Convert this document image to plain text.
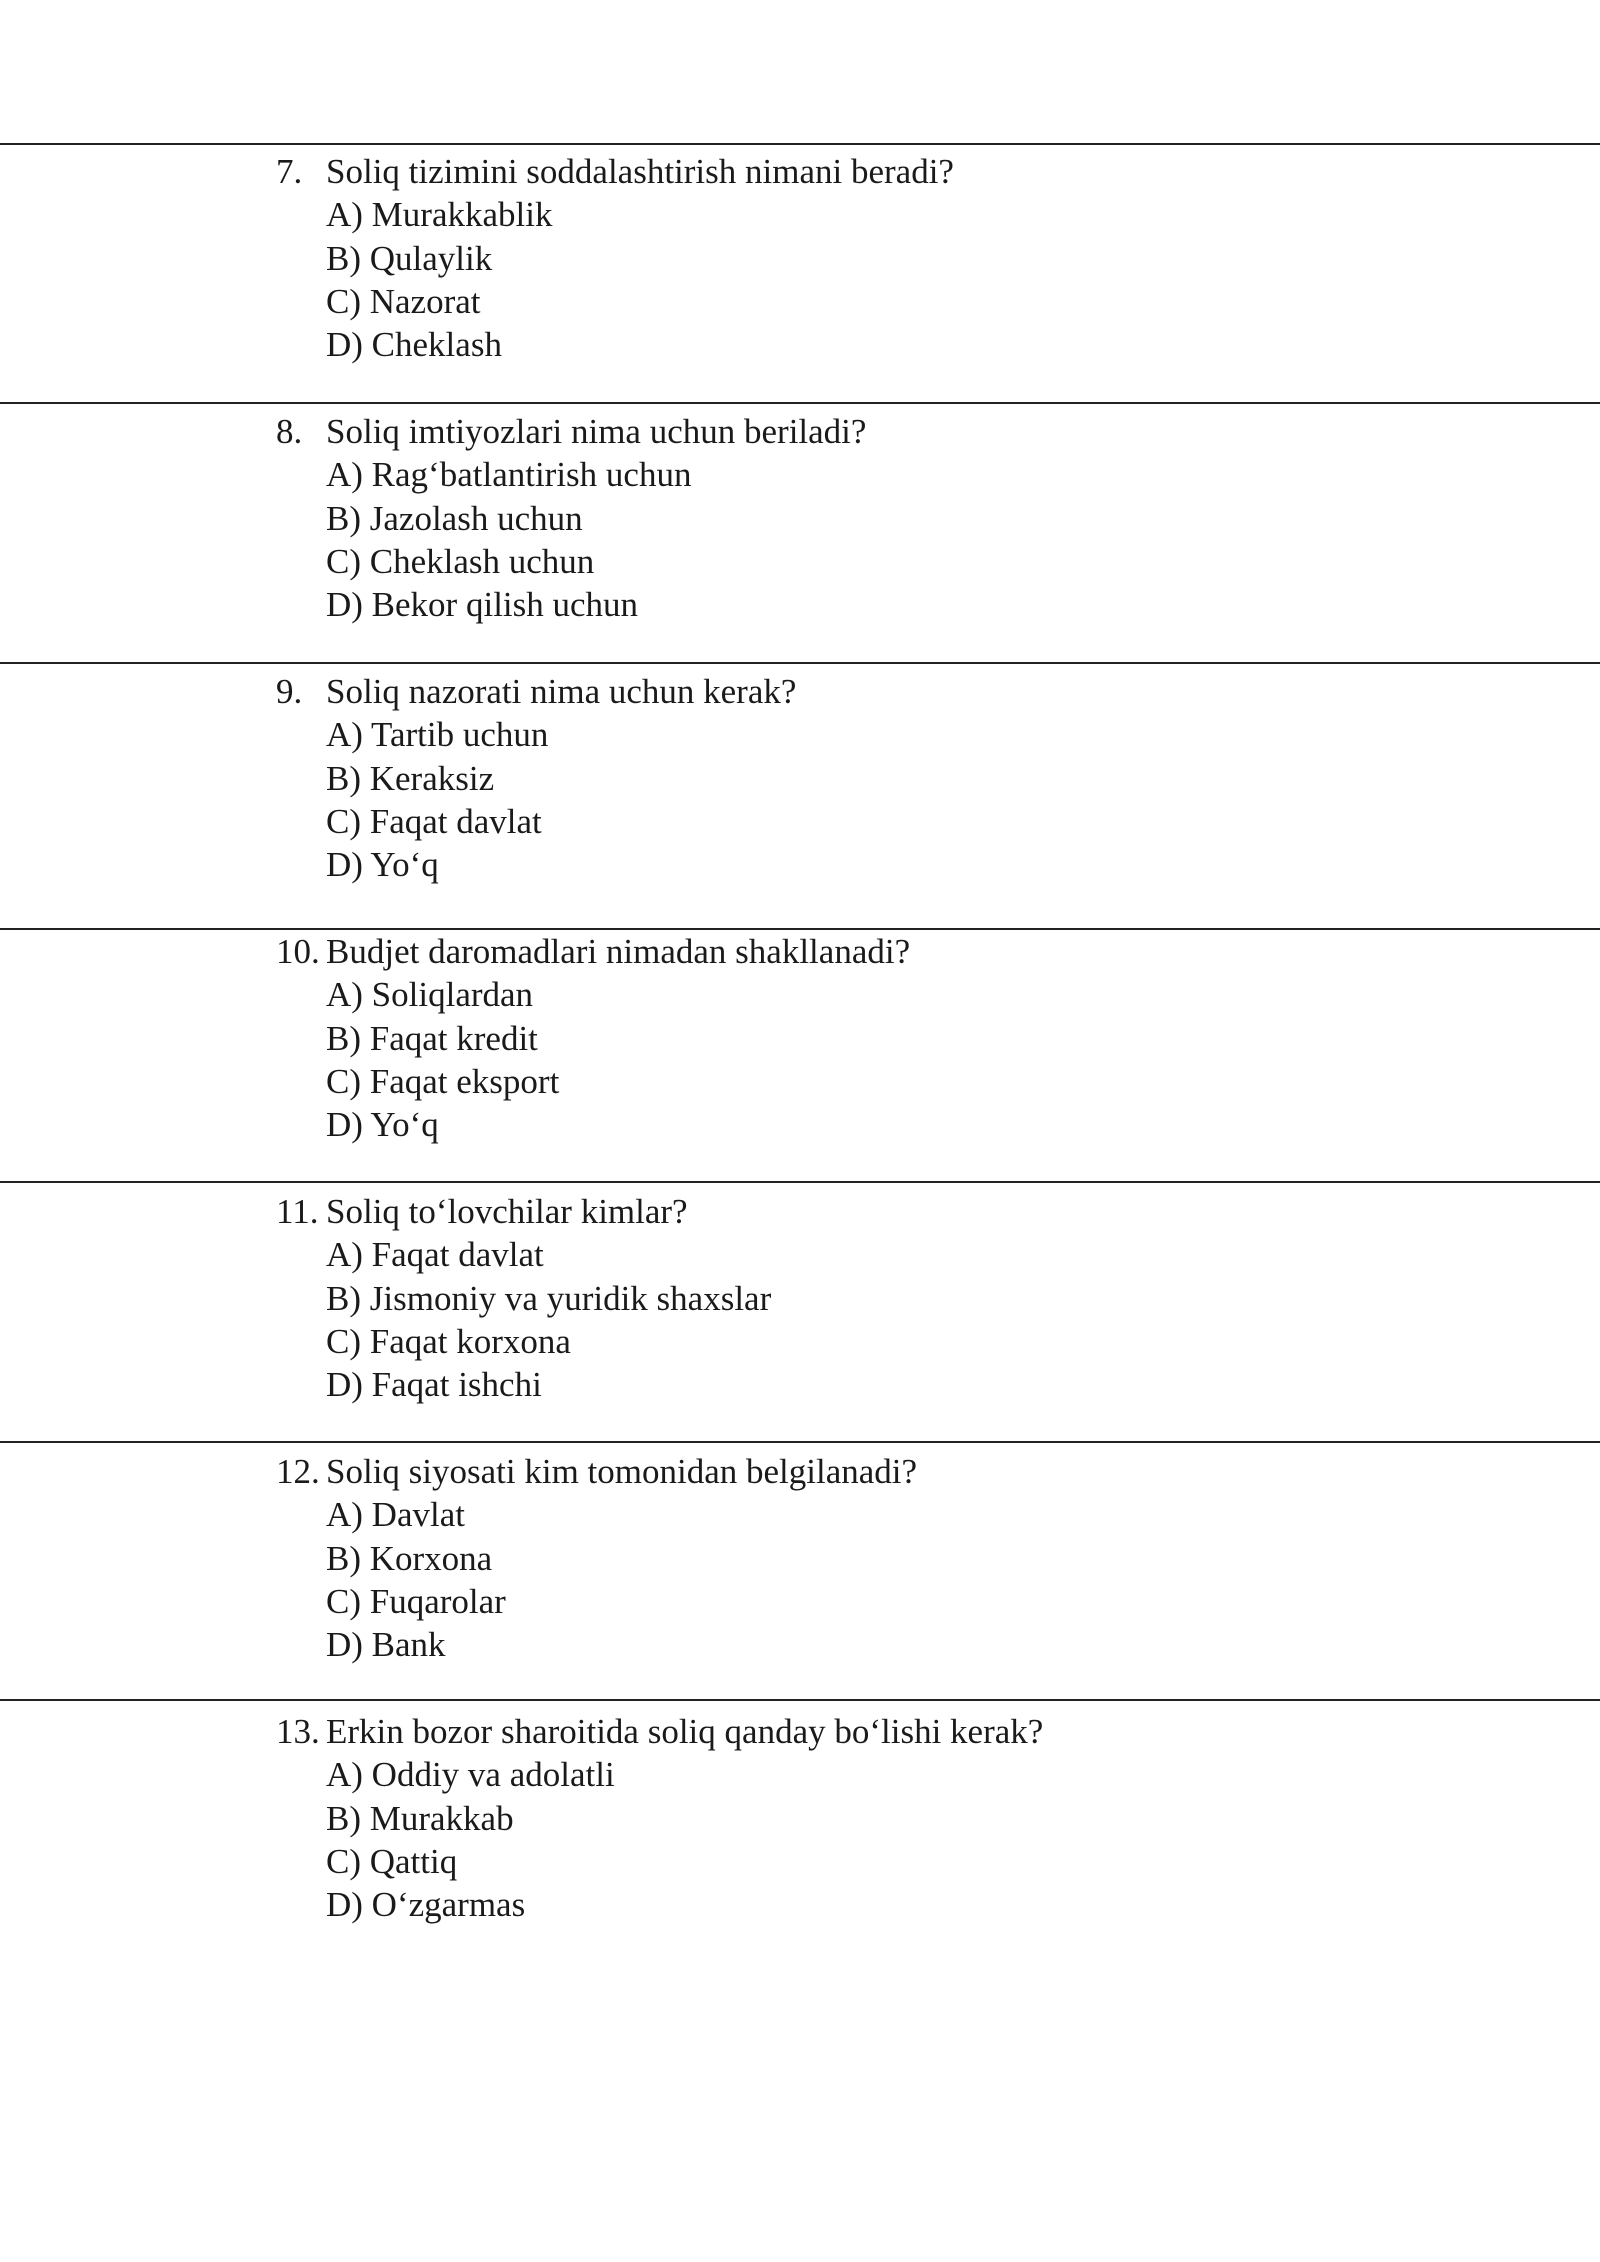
7. Soliq tizimini soddalashtirish nimani beradi?
A) Murakkablik
B) Qulaylik
C) Nazorat
D) Cheklash
8. Soliq imtiyozlari nima uchun beriladi?
A) Rag‘batlantirish uchun
B) Jazolash uchun
C) Cheklash uchun
D) Bekor qilish uchun
9. Soliq nazorati nima uchun kerak?
A) Tartib uchun
B) Keraksiz
C) Faqat davlat
D) Yo‘q
10. Budjet daromadlari nimadan shakllanadi?
A) Soliqlardan
B) Faqat kredit
C) Faqat eksport
D) Yo‘q
11. Soliq to‘lovchilar kimlar?
A) Faqat davlat
B) Jismoniy va yuridik shaxslar
C) Faqat korxona
D) Faqat ishchi
12. Soliq siyosati kim tomonidan belgilanadi?
A) Davlat
B) Korxona
C) Fuqarolar
D) Bank
13. Erkin bozor sharoitida soliq qanday bo‘lishi kerak?
A) Oddiy va adolatli
B) Murakkab
C) Qattiq
D) O‘zgarmas
